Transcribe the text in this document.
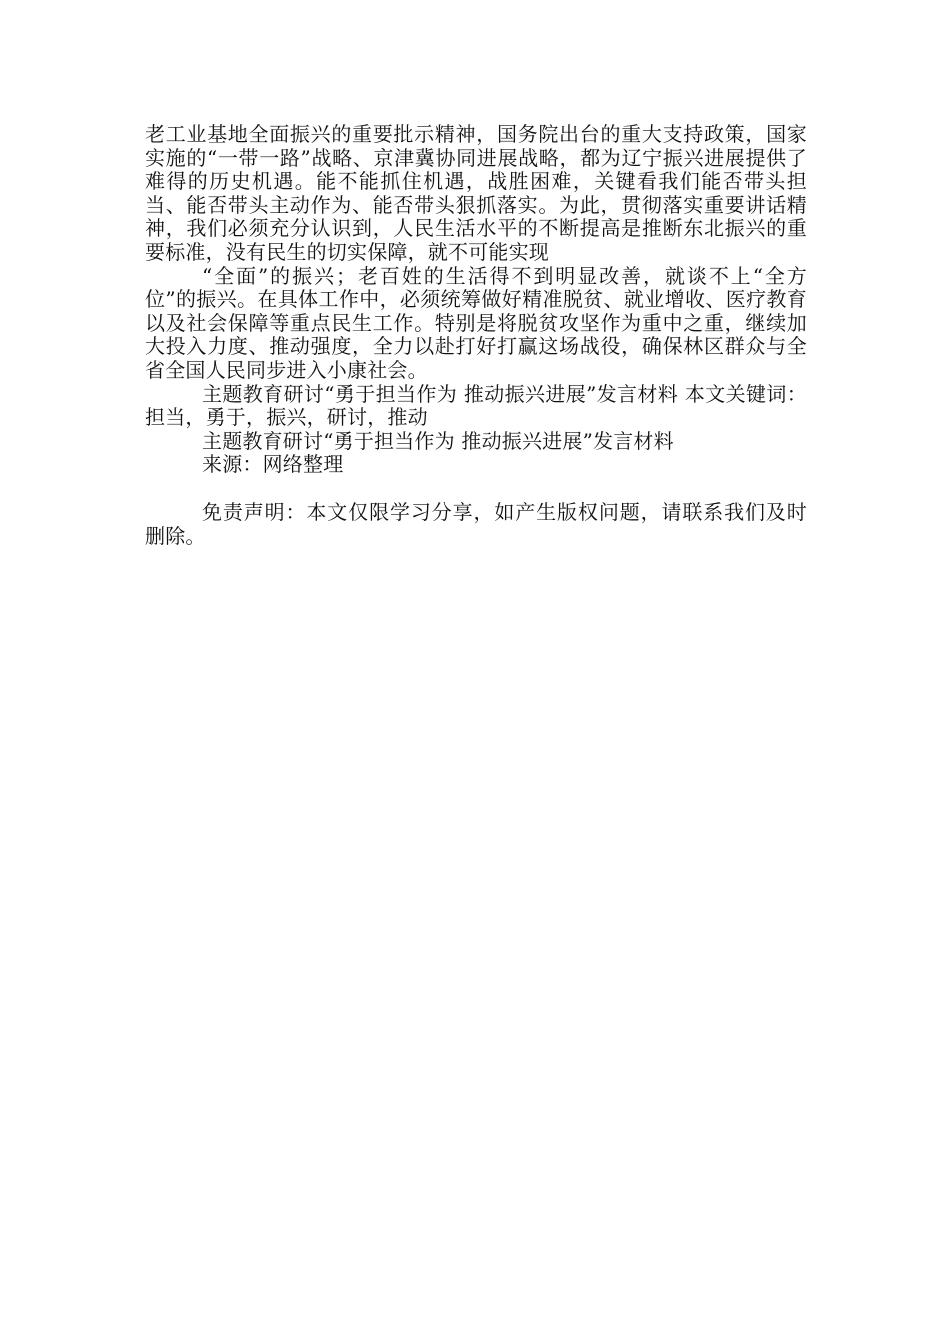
老工业基地全面振兴的重要批示精神，国务院出台的重大支持政策，国家实施的“一带一路”战略、京津冀协同进展战略，都为辽宁振兴进展提供了难得的历史机遇。能不能抓住机遇，战胜困难，关键看我们能否带头担当、能否带头主动作为、能否带头狠抓落实。为此，贯彻落实重要讲话精神，我们必须充分认识到，人民生活水平的不断提高是推断东北振兴的重要标准，没有民生的切实保障，就不可能实现

“全面”的振兴；老百姓的生活得不到明显改善，就谈不上“全方位”的振兴。在具体工作中，必须统筹做好精准脱贫、就业增收、医疗教育以及社会保障等重点民生工作。特别是将脱贫攻坚作为重中之重，继续加大投入力度、推动强度，全力以赴打好打赢这场战役，确保林区群众与全省全国人民同步进入小康社会。

主题教育研讨“勇于担当作为 推动振兴进展”发言材料 本文关键词：担当，勇于，振兴，研讨，推动

主题教育研讨“勇于担当作为 推动振兴进展”发言材料

来源：网络整理

免责声明：本文仅限学习分享，如产生版权问题，请联系我们及时删除。
